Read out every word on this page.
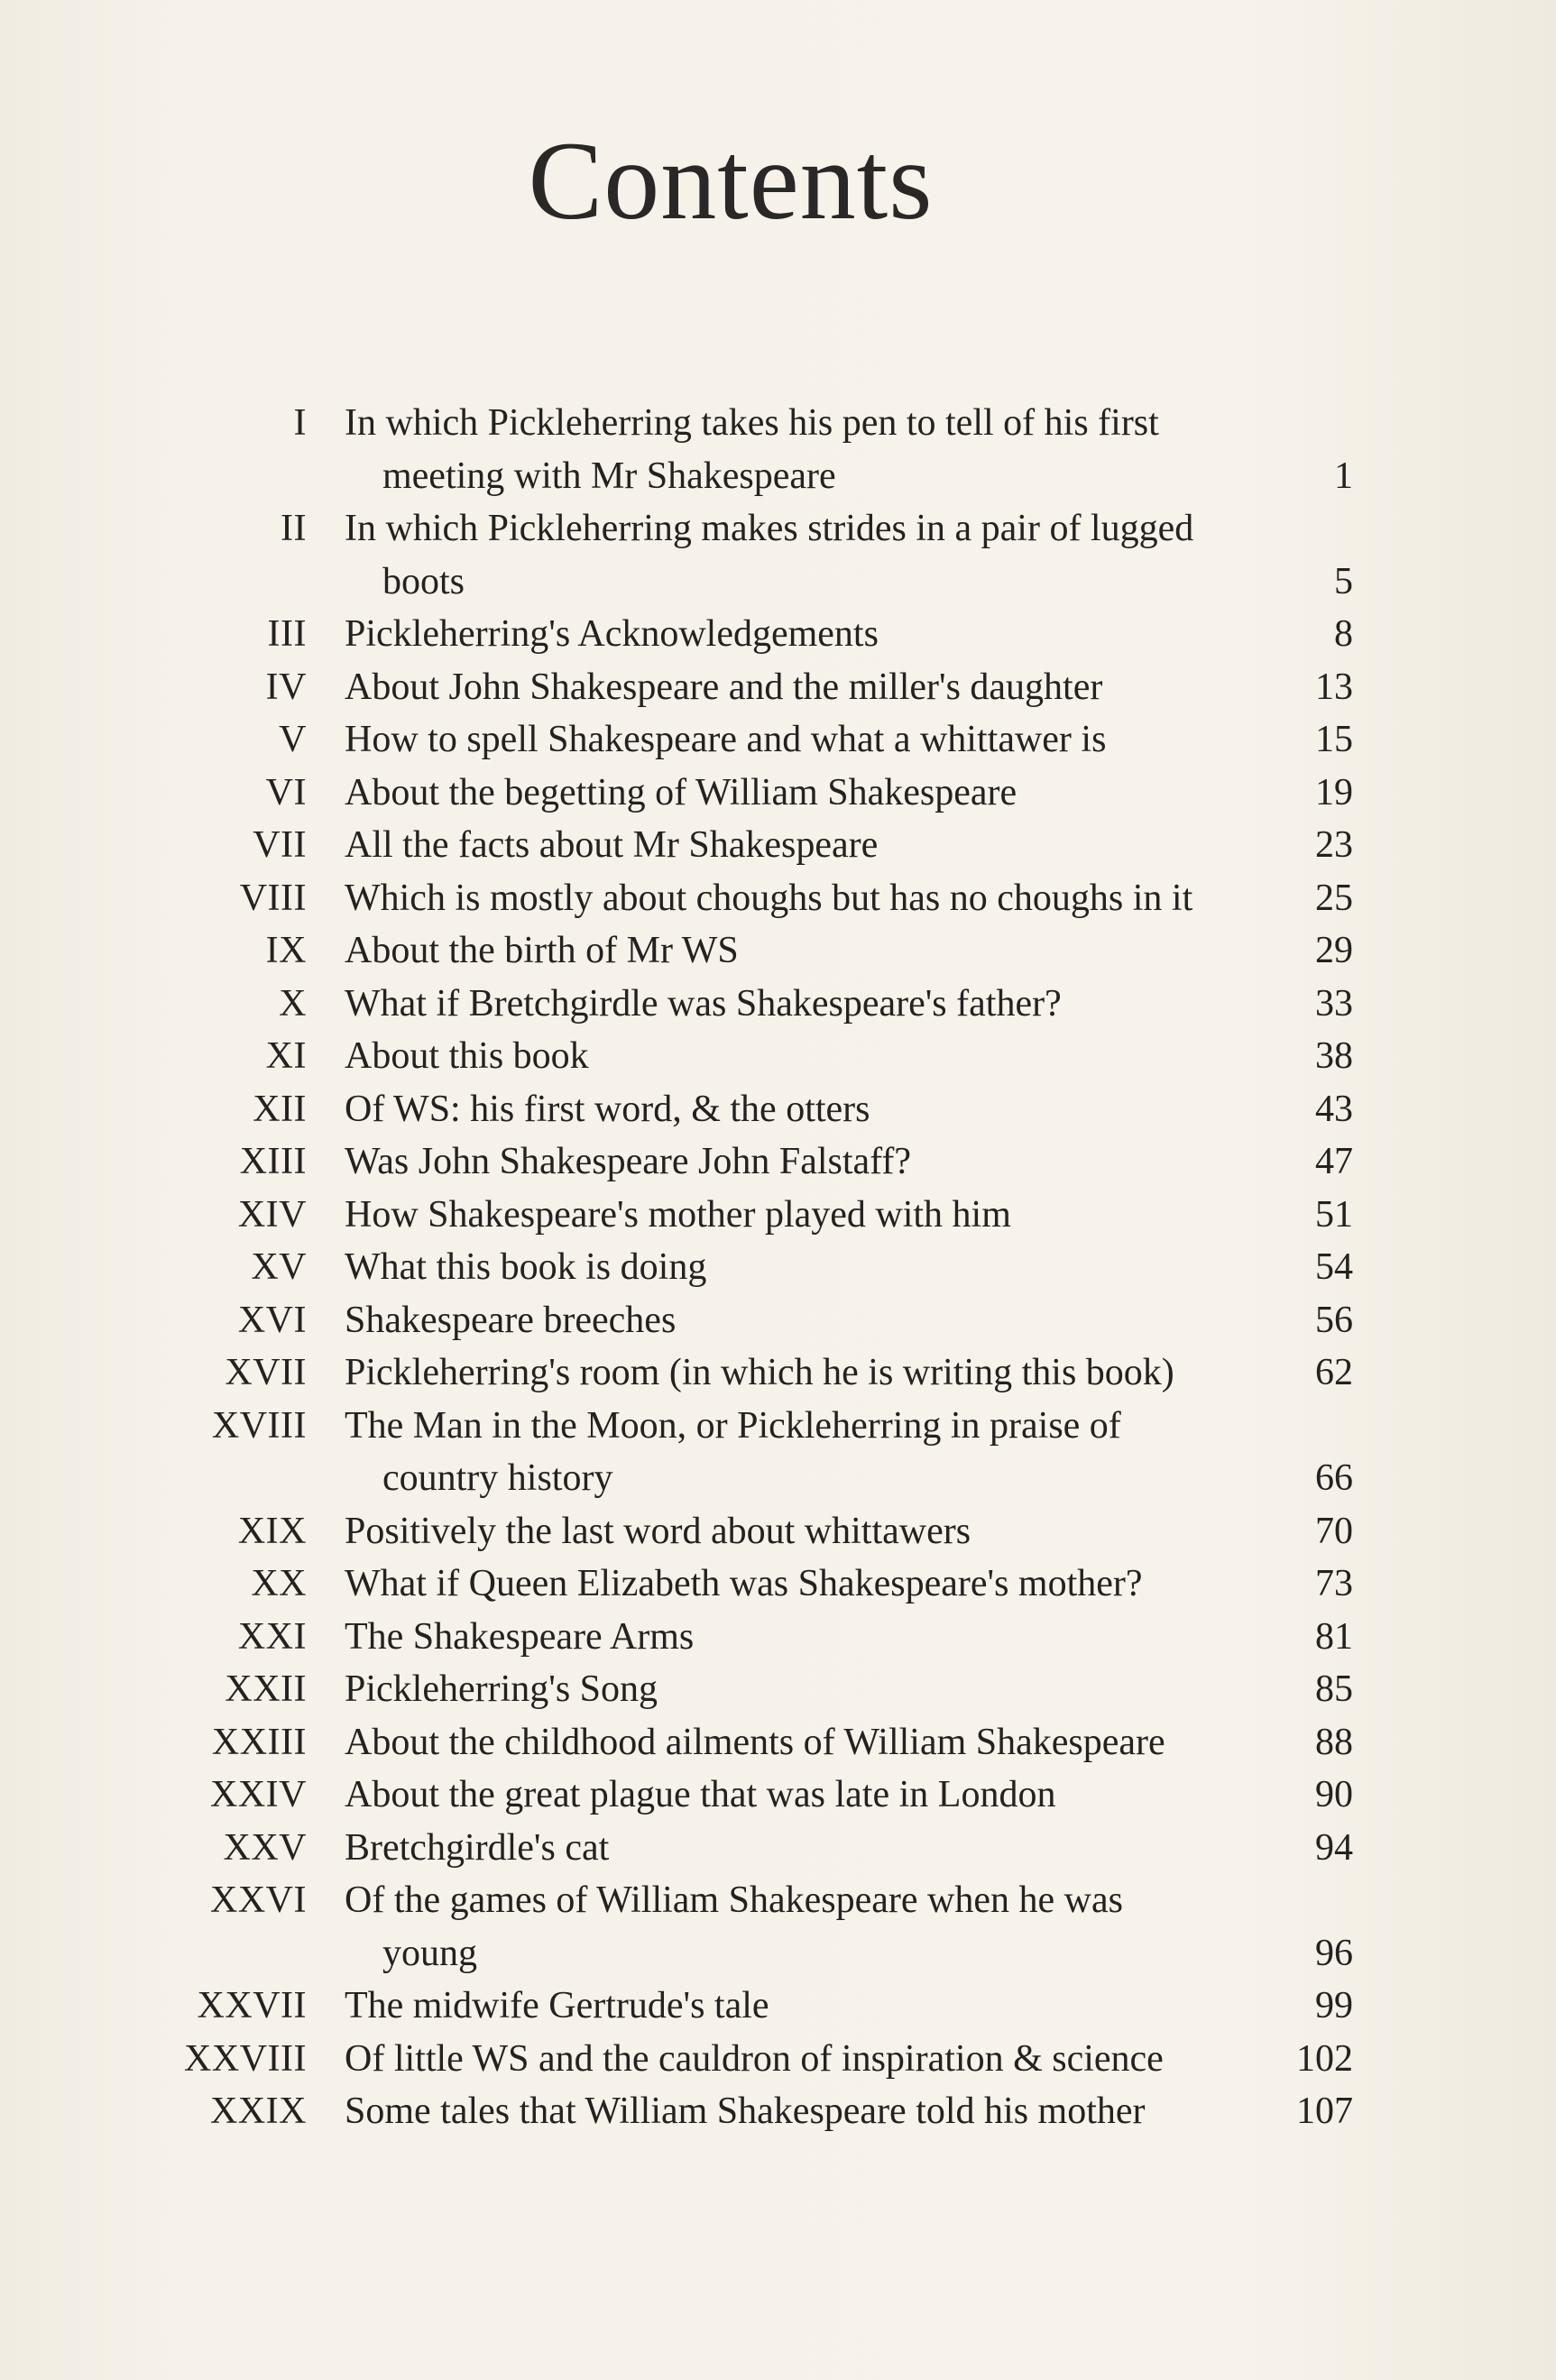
Contents
I In which Pickleherring takes his pen to tell of his first meeting with Mr Shakespeare	1
II In which Pickleherring makes strides in a pair of lugged boots	5
III Pickleherring's Acknowledgements	8
IV About John Shakespeare and the miller's daughter	13
V How to spell Shakespeare and what a whittawer is	15
VI About the begetting of William Shakespeare	19
VII All the facts about Mr Shakespeare	23
VIII Which is mostly about choughs but has no choughs in it	25
IX About the birth of Mr WS	29
X What if Bretchgirdle was Shakespeare's father?	33
XI About this book	38
XII Of WS: his first word, & the otters	43
XIII Was John Shakespeare John Falstaff?	47
XIV How Shakespeare's mother played with him	51
XV What this book is doing	54
XVI Shakespeare breeches	56
XVII Pickleherring's room (in which he is writing this book)	62
XVIII The Man in the Moon, or Pickleherring in praise of country history	66
XIX Positively the last word about whittawers	70
XX What if Queen Elizabeth was Shakespeare's mother?	73
XXI The Shakespeare Arms	81
XXII Pickleherring's Song	85
XXIII About the childhood ailments of William Shakespeare	88
XXIV About the great plague that was late in London	90
XXV Bretchgirdle's cat	94
XXVI Of the games of William Shakespeare when he was young	96
XXVII The midwife Gertrude's tale	99
XXVIII Of little WS and the cauldron of inspiration & science	102
XXIX Some tales that William Shakespeare told his mother	107
